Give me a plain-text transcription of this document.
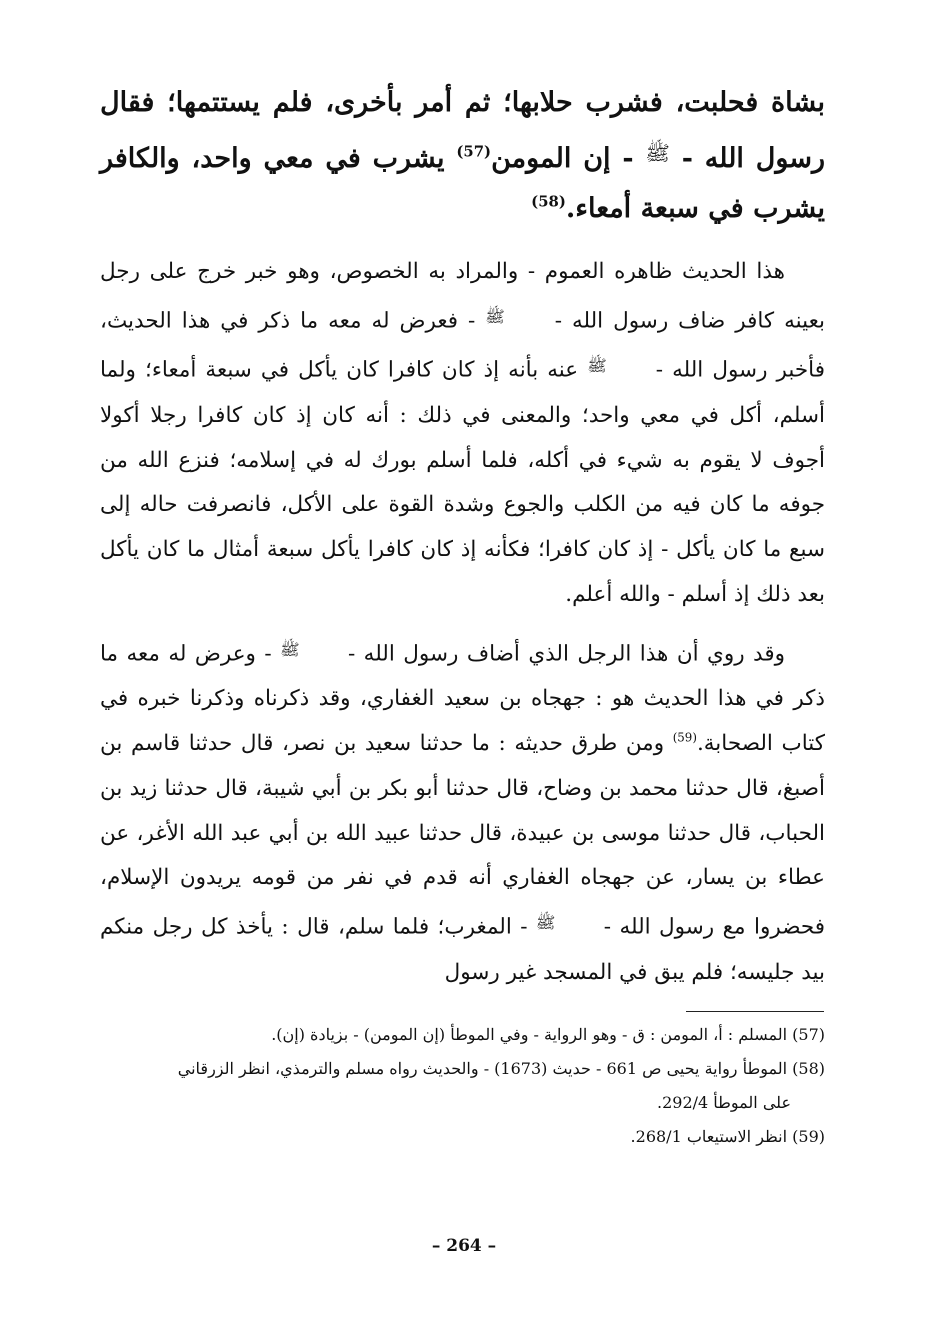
بشاة فحلبت، فشرب حلابها؛ ثم أمر بأخرى، فلم يستتمها؛ فقال رسول الله - ﷺ - إن المومن$^{(57)}$ يشرب في معي واحد، والكافر يشرب في سبعة أمعاء.$^{(58)}$

هذا الحديث ظاهره العموم - والمراد به الخصوص، وهو خبر خرج على رجل بعينه كافر ضاف رسول الله - ﷺ - فعرض له معه ما ذكر في هذا الحديث، فأخبر رسول الله - ﷺ عنه بأنه إذ كان كافرا كان يأكل في سبعة أمعاء؛ ولما أسلم، أكل في معي واحد؛ والمعنى في ذلك : أنه كان إذ كان كافرا رجلا أكولا أجوف لا يقوم به شيء في أكله، فلما أسلم بورك له في إسلامه؛ فنزع الله من جوفه ما كان فيه من الكلب والجوع وشدة القوة على الأكل، فانصرفت حاله إلى سبع ما كان يأكل - إذ كان كافرا؛ فكأنه إذ كان كافرا يأكل سبعة أمثال ما كان يأكل بعد ذلك إذ أسلم - والله أعلم.

وقد روي أن هذا الرجل الذي أضاف رسول الله - ﷺ - وعرض له معه ما ذكر في هذا الحديث هو : جهجاه بن سعيد الغفاري، وقد ذكرناه وذكرنا خبره في كتاب الصحابة.$^{(59)}$ ومن طرق حديثه : ما حدثنا سعيد بن نصر، قال حدثنا قاسم بن أصبغ، قال حدثنا محمد بن وضاح، قال حدثنا أبو بكر بن أبي شيبة، قال حدثنا زيد بن الحباب، قال حدثنا موسى بن عبيدة، قال حدثنا عبيد الله بن أبي عبد الله الأغر، عن عطاء بن يسار، عن جهجاه الغفاري أنه قدم في نفر من قومه يريدون الإسلام، فحضروا مع رسول الله - ﷺ - المغرب؛ فلما سلم، قال : يأخذ كل رجل منكم بيد جليسه؛ فلم يبق في المسجد غير رسول

(57) المسلم : أ، المومن : ق - وهو الرواية - وفي الموطأ (إن المومن) - بزيادة (إن).

(58) الموطأ رواية يحيى ص 661 - حديث (1673) - والحديث رواه مسلم والترمذي، انظر الزرقاني

على الموطأ 292/4.

(59) انظر الاستيعاب 268/1.

– 264 –
